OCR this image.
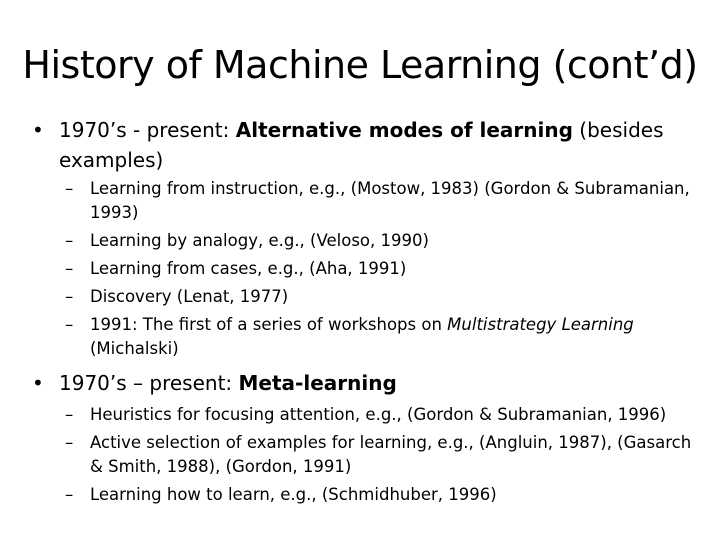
History of Machine Learning (cont’d)
• 1970’s - present: Alternative modes of learning (besides examples)
–	Learning from instruction, e.g., (Mostow, 1983) (Gordon & Subramanian, 1993)
–	Learning by analogy, e.g., (Veloso, 1990)
–	Learning from cases, e.g., (Aha, 1991)
–	Discovery (Lenat, 1977)
–	1991: The first of a series of workshops on Multistrategy Learning (Michalski)
• 1970’s – present: Meta-learning
–	Heuristics for focusing attention, e.g., (Gordon & Subramanian, 1996)
–	Active selection of examples for learning, e.g., (Angluin, 1987), (Gasarch & Smith, 1988), (Gordon, 1991)
–	Learning how to learn, e.g., (Schmidhuber, 1996)
